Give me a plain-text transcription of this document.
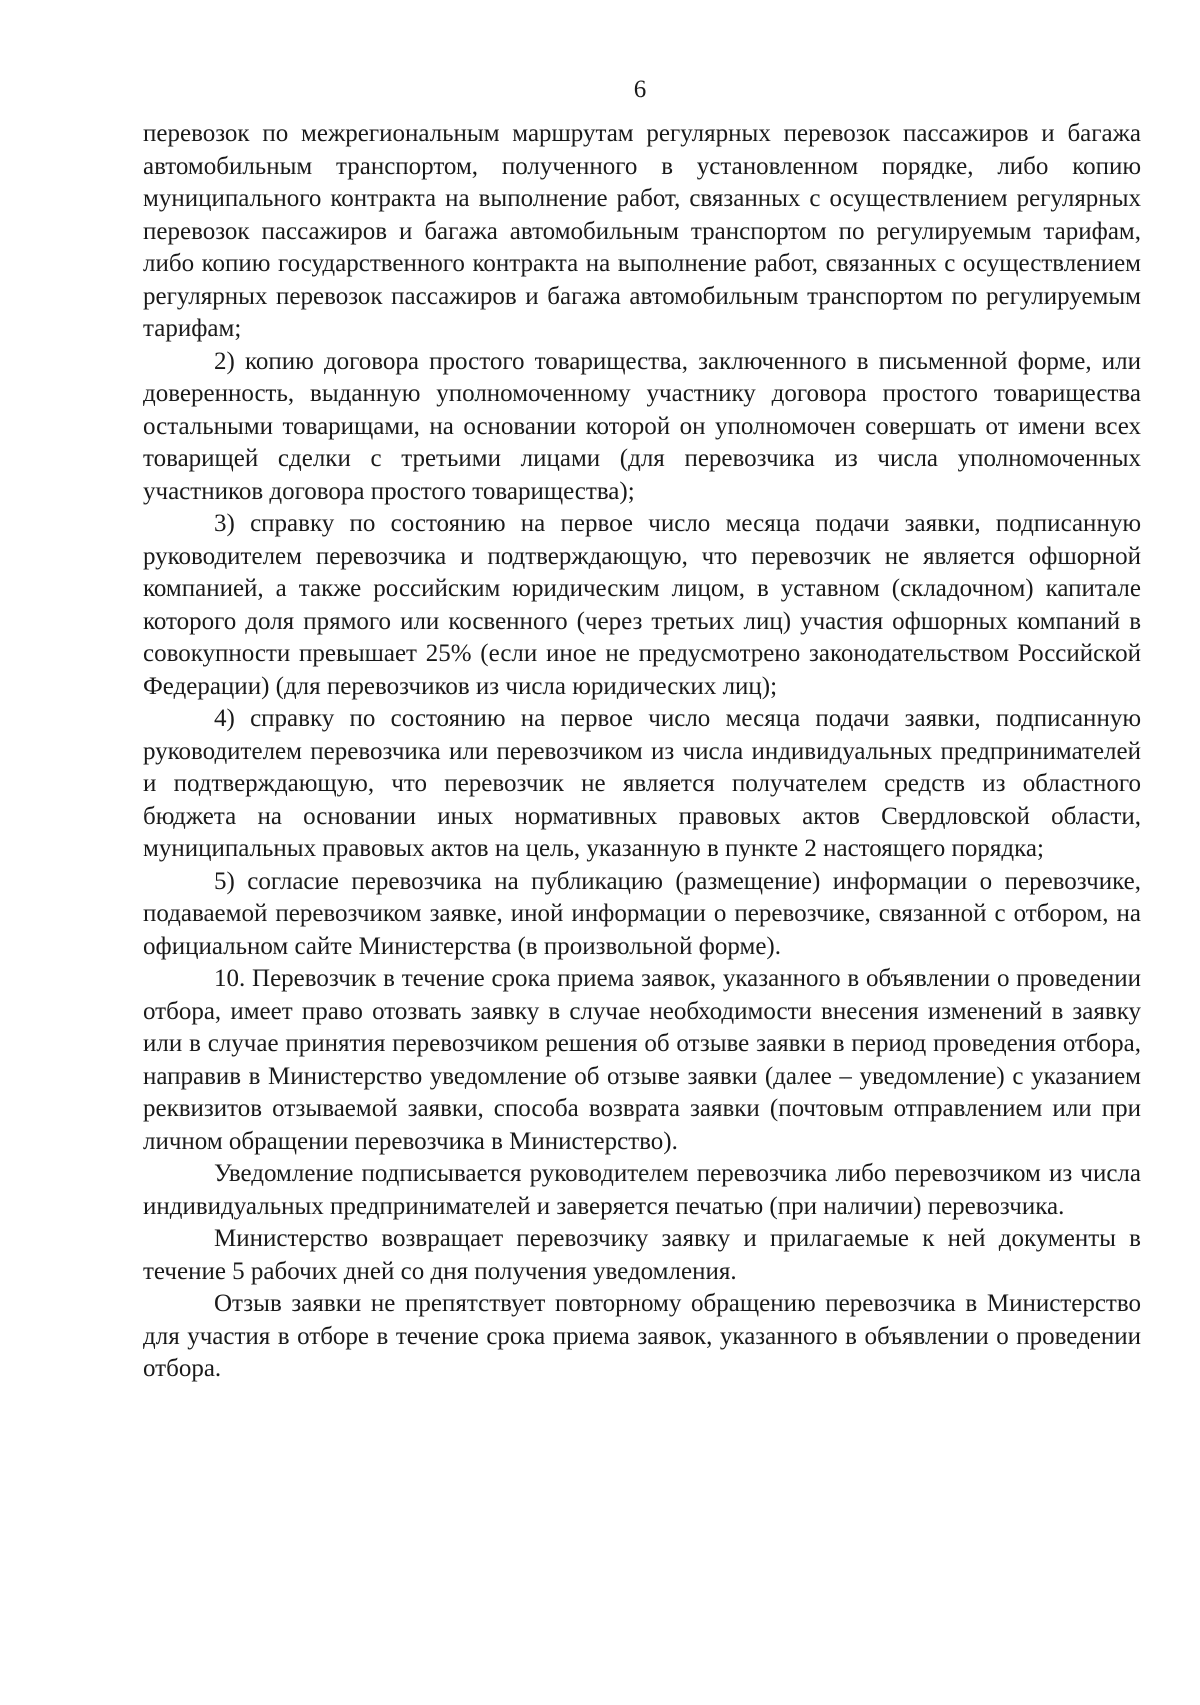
6

перевозок по межрегиональным маршрутам регулярных перевозок пассажиров и багажа автомобильным транспортом, полученного в установленном порядке, либо копию муниципального контракта на выполнение работ, связанных с осуществлением регулярных перевозок пассажиров и багажа автомобильным транспортом по регулируемым тарифам, либо копию государственного контракта на выполнение работ, связанных с осуществлением регулярных перевозок пассажиров и багажа автомобильным транспортом по регулируемым тарифам;

2) копию договора простого товарищества, заключенного в письменной форме, или доверенность, выданную уполномоченному участнику договора простого товарищества остальными товарищами, на основании которой он уполномочен совершать от имени всех товарищей сделки с третьими лицами (для перевозчика из числа уполномоченных участников договора простого товарищества);

3) справку по состоянию на первое число месяца подачи заявки, подписанную руководителем перевозчика и подтверждающую, что перевозчик не является офшорной компанией, а также российским юридическим лицом, в уставном (складочном) капитале которого доля прямого или косвенного (через третьих лиц) участия офшорных компаний в совокупности превышает 25% (если иное не предусмотрено законодательством Российской Федерации) (для перевозчиков из числа юридических лиц);

4) справку по состоянию на первое число месяца подачи заявки, подписанную руководителем перевозчика или перевозчиком из числа индивидуальных предпринимателей и подтверждающую, что перевозчик не является получателем средств из областного бюджета на основании иных нормативных правовых актов Свердловской области, муниципальных правовых актов на цель, указанную в пункте 2 настоящего порядка;

5) согласие перевозчика на публикацию (размещение) информации о перевозчике, подаваемой перевозчиком заявке, иной информации о перевозчике, связанной с отбором, на официальном сайте Министерства (в произвольной форме).

10. Перевозчик в течение срока приема заявок, указанного в объявлении о проведении отбора, имеет право отозвать заявку в случае необходимости внесения изменений в заявку или в случае принятия перевозчиком решения об отзыве заявки в период проведения отбора, направив в Министерство уведомление об отзыве заявки (далее – уведомление) с указанием реквизитов отзываемой заявки, способа возврата заявки (почтовым отправлением или при личном обращении перевозчика в Министерство).

Уведомление подписывается руководителем перевозчика либо перевозчиком из числа индивидуальных предпринимателей и заверяется печатью (при наличии) перевозчика.

Министерство возвращает перевозчику заявку и прилагаемые к ней документы в течение 5 рабочих дней со дня получения уведомления.

Отзыв заявки не препятствует повторному обращению перевозчика в Министерство для участия в отборе в течение срока приема заявок, указанного в объявлении о проведении отбора.
